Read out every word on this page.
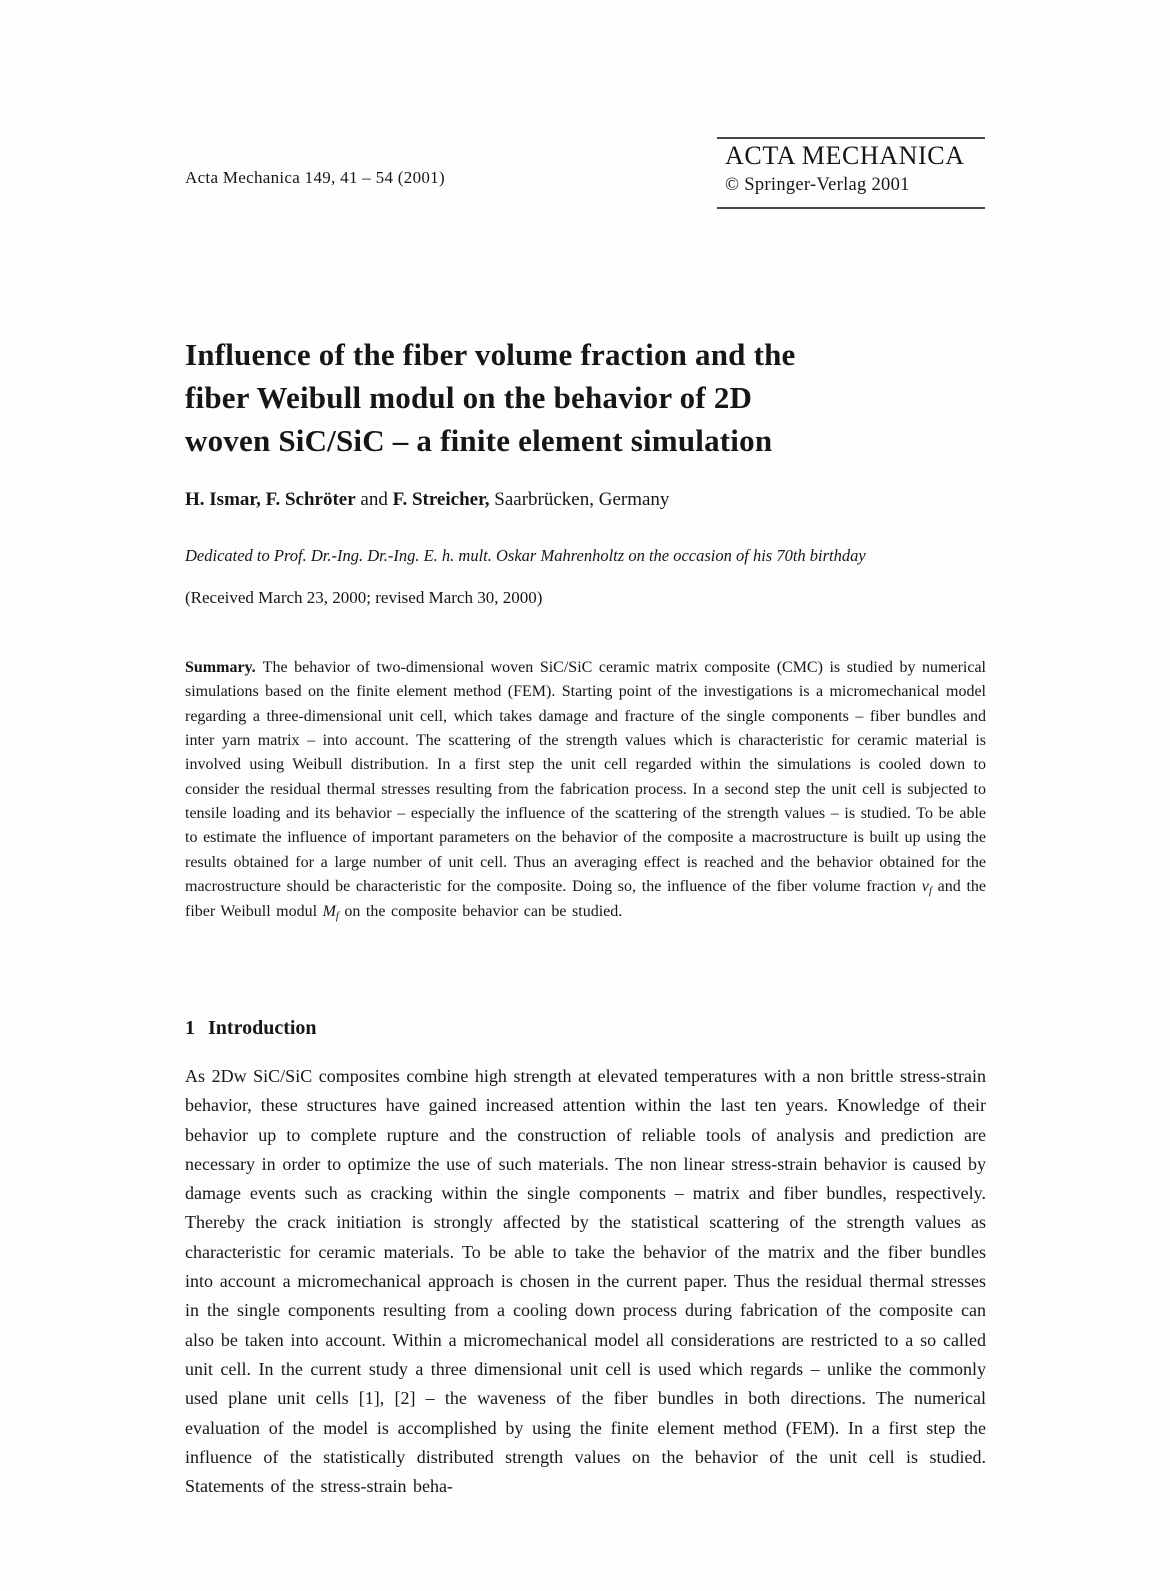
Acta Mechanica 149, 41 – 54 (2001)
ACTA MECHANICA
© Springer-Verlag 2001
Influence of the fiber volume fraction and the
fiber Weibull modul on the behavior of 2D
woven SiC/SiC – a finite element simulation
H. Ismar, F. Schröter and F. Streicher, Saarbrücken, Germany
Dedicated to Prof. Dr.-Ing. Dr.-Ing. E. h. mult. Oskar Mahrenholtz on the occasion of his 70th birthday
(Received March 23, 2000; revised March 30, 2000)
Summary. The behavior of two-dimensional woven SiC/SiC ceramic matrix composite (CMC) is studied by numerical simulations based on the finite element method (FEM). Starting point of the investigations is a micromechanical model regarding a three-dimensional unit cell, which takes damage and fracture of the single components – fiber bundles and inter yarn matrix – into account. The scattering of the strength values which is characteristic for ceramic material is involved using Weibull distribution. In a first step the unit cell regarded within the simulations is cooled down to consider the residual thermal stresses resulting from the fabrication process. In a second step the unit cell is subjected to tensile loading and its behavior – especially the influence of the scattering of the strength values – is studied. To be able to estimate the influence of important parameters on the behavior of the composite a macrostructure is built up using the results obtained for a large number of unit cell. Thus an averaging effect is reached and the behavior obtained for the macrostructure should be characteristic for the composite. Doing so, the influence of the fiber volume fraction $v_f$ and the fiber Weibull modul $M_f$ on the composite behavior can be studied.
1 Introduction
As 2Dw SiC/SiC composites combine high strength at elevated temperatures with a non brittle stress-strain behavior, these structures have gained increased attention within the last ten years. Knowledge of their behavior up to complete rupture and the construction of reliable tools of analysis and prediction are necessary in order to optimize the use of such materials. The non linear stress-strain behavior is caused by damage events such as cracking within the single components – matrix and fiber bundles, respectively. Thereby the crack initiation is strongly affected by the statistical scattering of the strength values as characteristic for ceramic materials. To be able to take the behavior of the matrix and the fiber bundles into account a micromechanical approach is chosen in the current paper. Thus the residual thermal stresses in the single components resulting from a cooling down process during fabrication of the composite can also be taken into account. Within a micromechanical model all considerations are restricted to a so called unit cell. In the current study a three dimensional unit cell is used which regards – unlike the commonly used plane unit cells [1], [2] – the waveness of the fiber bundles in both directions. The numerical evaluation of the model is accomplished by using the finite element method (FEM). In a first step the influence of the statistically distributed strength values on the behavior of the unit cell is studied. Statements of the stress-strain beha-
